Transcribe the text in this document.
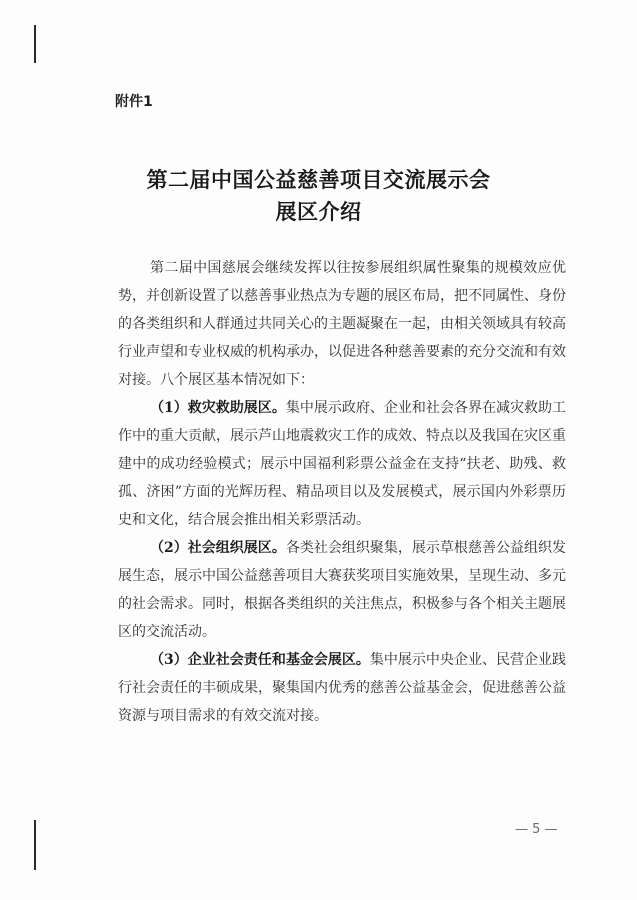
附件1
第二届中国公益慈善项目交流展示会
展区介绍

第二届中国慈展会继续发挥以往按参展组织属性聚集的规模效应优势，并创新设置了以慈善事业热点为专题的展区布局，把不同属性、身份的各类组织和人群通过共同关心的主题凝聚在一起，由相关领域具有较高行业声望和专业权威的机构承办，以促进各种慈善要素的充分交流和有效对接。八个展区基本情况如下：

（1）救灾救助展区。集中展示政府、企业和社会各界在减灾救助工作中的重大贡献，展示芦山地震救灾工作的成效、特点以及我国在灾区重建中的成功经验模式；展示中国福利彩票公益金在支持“扶老、助残、救孤、济困”方面的光辉历程、精品项目以及发展模式，展示国内外彩票历史和文化，结合展会推出相关彩票活动。

（2）社会组织展区。各类社会组织聚集，展示草根慈善公益组织发展生态，展示中国公益慈善项目大赛获奖项目实施效果，呈现生动、多元的社会需求。同时，根据各类组织的关注焦点，积极参与各个相关主题展区的交流活动。

（3）企业社会责任和基金会展区。集中展示中央企业、民营企业践行社会责任的丰硕成果，聚集国内优秀的慈善公益基金会，促进慈善公益资源与项目需求的有效交流对接。

— 5 —
